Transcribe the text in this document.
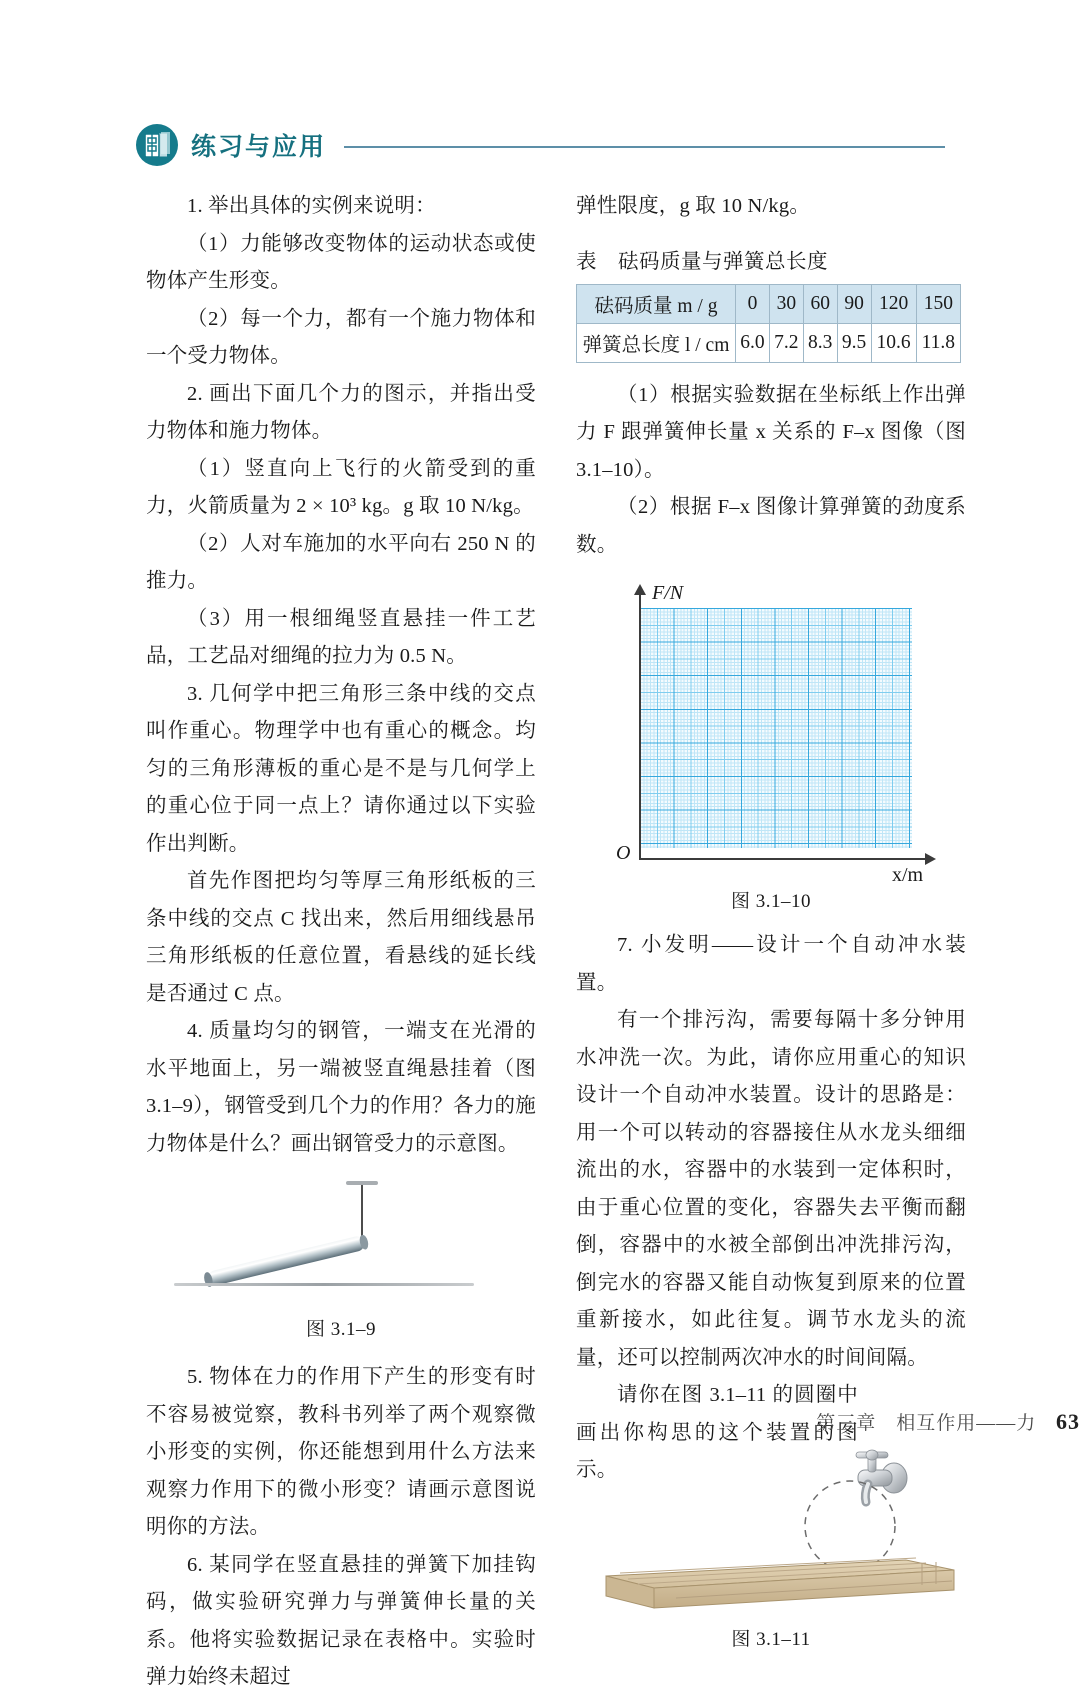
练习与应用

1. 举出具体的实例来说明：

（1）力能够改变物体的运动状态或使物体产生形变。

（2）每一个力，都有一个施力物体和一个受力物体。

2. 画出下面几个力的图示，并指出受力物体和施力物体。

（1）竖直向上飞行的火箭受到的重力，火箭质量为 2 × 10³ kg。g 取 10 N/kg。

（2）人对车施加的水平向右 250 N 的推力。

（3）用一根细绳竖直悬挂一件工艺品，工艺品对细绳的拉力为 0.5 N。

3. 几何学中把三角形三条中线的交点叫作重心。物理学中也有重心的概念。均匀的三角形薄板的重心是不是与几何学上的重心位于同一点上？请你通过以下实验作出判断。

首先作图把均匀等厚三角形纸板的三条中线的交点 C 找出来，然后用细线悬吊三角形纸板的任意位置，看悬线的延长线是否通过 C 点。

4. 质量均匀的钢管，一端支在光滑的水平地面上，另一端被竖直绳悬挂着（图 3.1–9），钢管受到几个力的作用？各力的施力物体是什么？画出钢管受力的示意图。

图 3.1–9

5. 物体在力的作用下产生的形变有时不容易被觉察，教科书列举了两个观察微小形变的实例，你还能想到用什么方法来观察力作用下的微小形变？请画示意图说明你的方法。

6. 某同学在竖直悬挂的弹簧下加挂钩码，做实验研究弹力与弹簧伸长量的关系。他将实验数据记录在表格中。实验时弹力始终未超过

弹性限度，g 取 10 N/kg。

表　砝码质量与弹簧总长度
砝码质量 m / g	0	30	60	90	120	150
弹簧总长度 l / cm	6.0	7.2	8.3	9.5	10.6	11.8

（1）根据实验数据在坐标纸上作出弹力 F 跟弹簧伸长量 x 关系的 F–x 图像（图 3.1–10）。

（2）根据 F–x 图像计算弹簧的劲度系数。

F/N
x/m
O
图 3.1–10

7. 小发明——设计一个自动冲水装置。

有一个排污沟，需要每隔十多分钟用水冲洗一次。为此，请你应用重心的知识设计一个自动冲水装置。设计的思路是：用一个可以转动的容器接住从水龙头细细流出的水，容器中的水装到一定体积时，由于重心位置的变化，容器失去平衡而翻倒，容器中的水被全部倒出冲洗排污沟，倒完水的容器又能自动恢复到原来的位置重新接水，如此往复。调节水龙头的流量，还可以控制两次冲水的时间间隔。

请你在图 3.1–11 的圆圈中画出你构思的这个装置的图示。

图 3.1–11
第三章　相互作用——力 63
